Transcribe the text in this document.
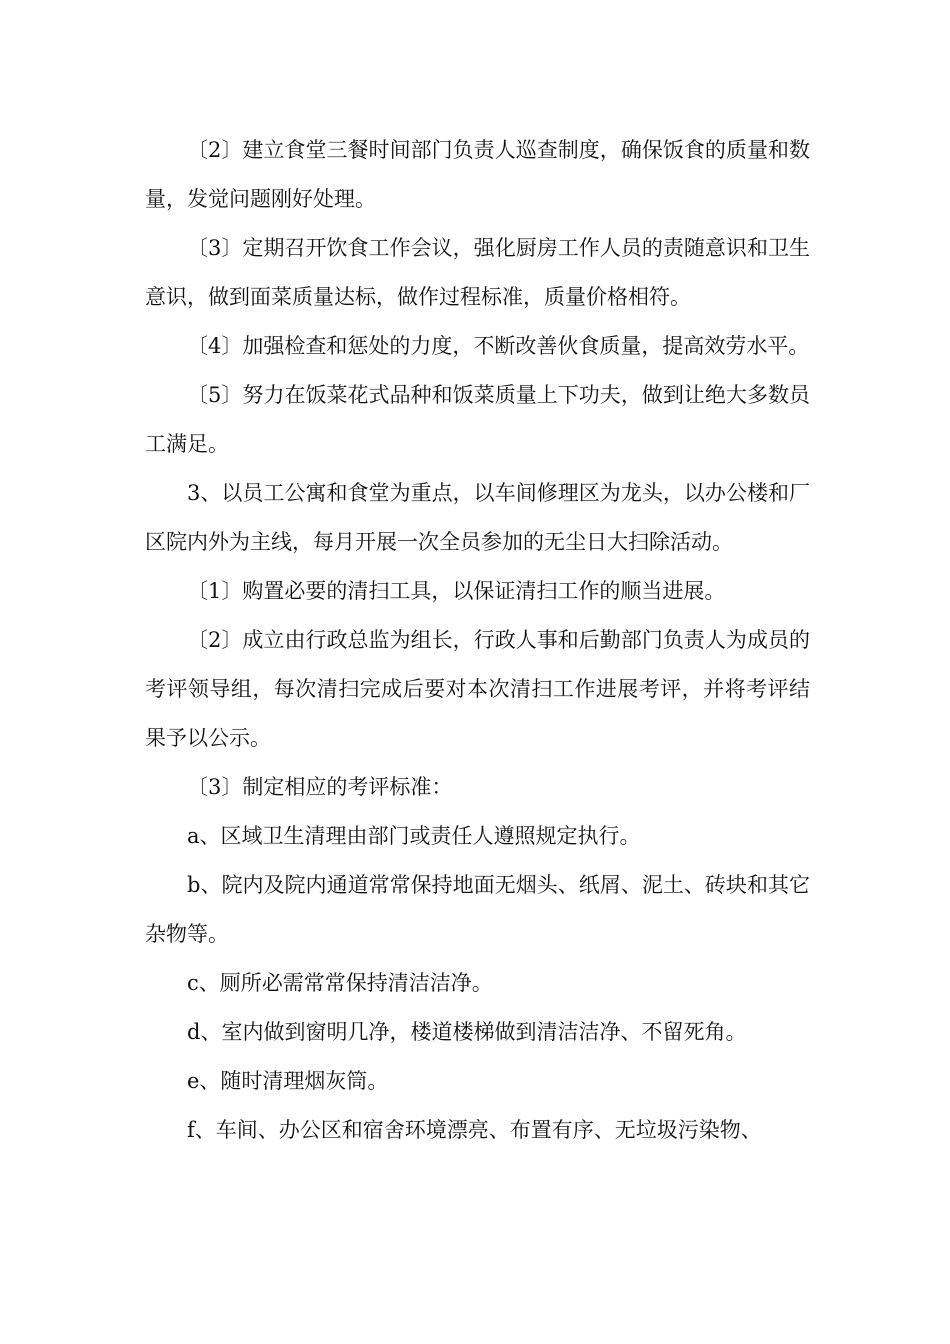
〔2〕建立食堂三餐时间部门负责人巡查制度，确保饭食的质量和数量，发觉问题刚好处理。

〔3〕定期召开饮食工作会议，强化厨房工作人员的责随意识和卫生意识，做到面菜质量达标，做作过程标准，质量价格相符。

〔4〕加强检查和惩处的力度，不断改善伙食质量，提高效劳水平。

〔5〕努力在饭菜花式品种和饭菜质量上下功夫，做到让绝大多数员工满足。

3、以员工公寓和食堂为重点，以车间修理区为龙头，以办公楼和厂区院内外为主线，每月开展一次全员参加的无尘日大扫除活动。

〔1〕购置必要的清扫工具，以保证清扫工作的顺当进展。

〔2〕成立由行政总监为组长，行政人事和后勤部门负责人为成员的考评领导组，每次清扫完成后要对本次清扫工作进展考评，并将考评结果予以公示。

〔3〕制定相应的考评标准：

a、区域卫生清理由部门或责任人遵照规定执行。

b、院内及院内通道常常保持地面无烟头、纸屑、泥土、砖块和其它杂物等。

c、厕所必需常常保持清洁洁净。

d、室内做到窗明几净，楼道楼梯做到清洁洁净、不留死角。

e、随时清理烟灰筒。

f、车间、办公区和宿舍环境漂亮、布置有序、无垃圾污染物、
